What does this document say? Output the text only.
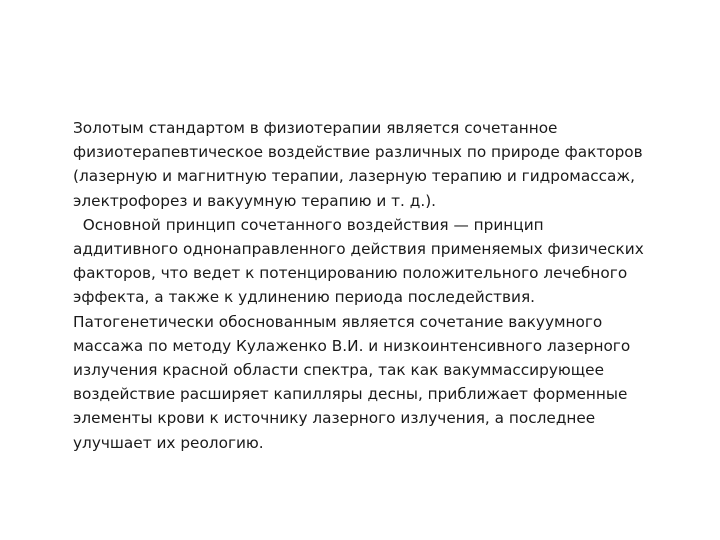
Золотым стандартом в физиотерапии является сочетанное
физиотерапевтическое воздействие различных по природе факторов
(лазерную и магнитную терапии, лазерную терапию и гидромассаж,
электрофорез и вакуумную терапию и т. д.).
Основной принцип сочетанного воздействия — принцип
аддитивного однонаправленного действия применяемых физических
факторов, что ведет к потенцированию положительного лечебного
эффекта, а также к удлинению периода последействия.
Патогенетически обоснованным является сочетание вакуумного
массажа по методу Кулаженко В.И. и низкоинтенсивного лазерного
излучения красной области спектра, так как вакуммассирующее
воздействие расширяет капилляры десны, приближает форменные
элементы крови к источнику лазерного излучения, а последнее
улучшает их реологию.
